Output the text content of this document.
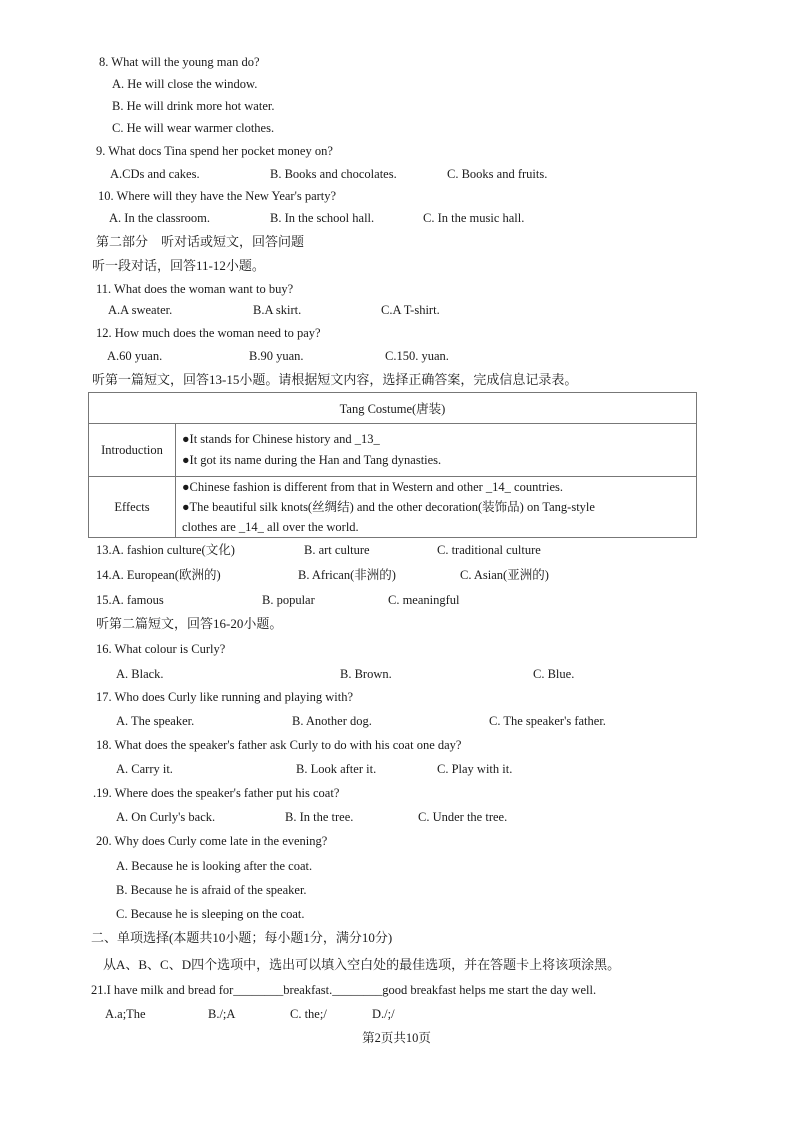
8. What will the young man do?
A. He will close the window.
B. He will drink more hot water.
C. He will wear warmer clothes.
9. What docs Tina spend her pocket money on?
A.CDs and cakes.	B. Books and chocolates.	C. Books and fruits.
10. Where will they have the New Year's party?
A. In the classroom.	B. In the school hall.	C. In the music hall.
第二部分　听对话或短文，回答问题
听一段对话，回答11-12小题。
11. What does the woman want to buy?
A.A sweater.	B.A skirt.	C.A T-shirt.
12. How much does the woman need to pay?
A.60 yuan.	B.90 yuan.	C.150. yuan.
听第一篇短文，回答13-15小题。请根据短文内容，选择正确答案，完成信息记录表。
Tang Costume(唐装)	
Introduction	●It stands for Chinese history and _13_
●It got its name during the Han and Tang dynasties.

Effects	●Chinese fashion is different from that in Western and other _14_ countries.
●The beautiful silk knots(丝绸结) and the other decoration(装饰品) on Tang-style
clothes are _14_ all over the world.
13.A. fashion culture(文化)	B. art culture	C. traditional culture
14.A. European(欧洲的)	B. African(非洲的)	C. Asian(亚洲的)
15.A. famous	B. popular	C. meaningful
听第二篇短文，回答16-20小题。
16. What colour is Curly?
A. Black.	B. Brown.	C. Blue.
17. Who does Curly like running and playing with?
A. The speaker.	B. Another dog.	C. The speaker's father.
18. What does the speaker's father ask Curly to do with his coat one day?
A. Carry it.	B. Look after it.	C. Play with it.
.19. Where does the speaker's father put his coat?
A. On Curly's back.	B. In the tree.	C. Under the tree.
20. Why does Curly come late in the evening?
A. Because he is looking after the coat.
B. Because he is afraid of the speaker.
C. Because he is sleeping on the coat.
二、单项选择(本题共10小题；每小题1分，满分10分)
从A、B、C、D四个选项中，选出可以填入空白处的最佳选项，并在答题卡上将该项涂黑。
21.I have milk and bread for________breakfast.________good breakfast helps me start the day well.
A.a;The	B./;A	C. the;/	D./;/
第2页共10页
